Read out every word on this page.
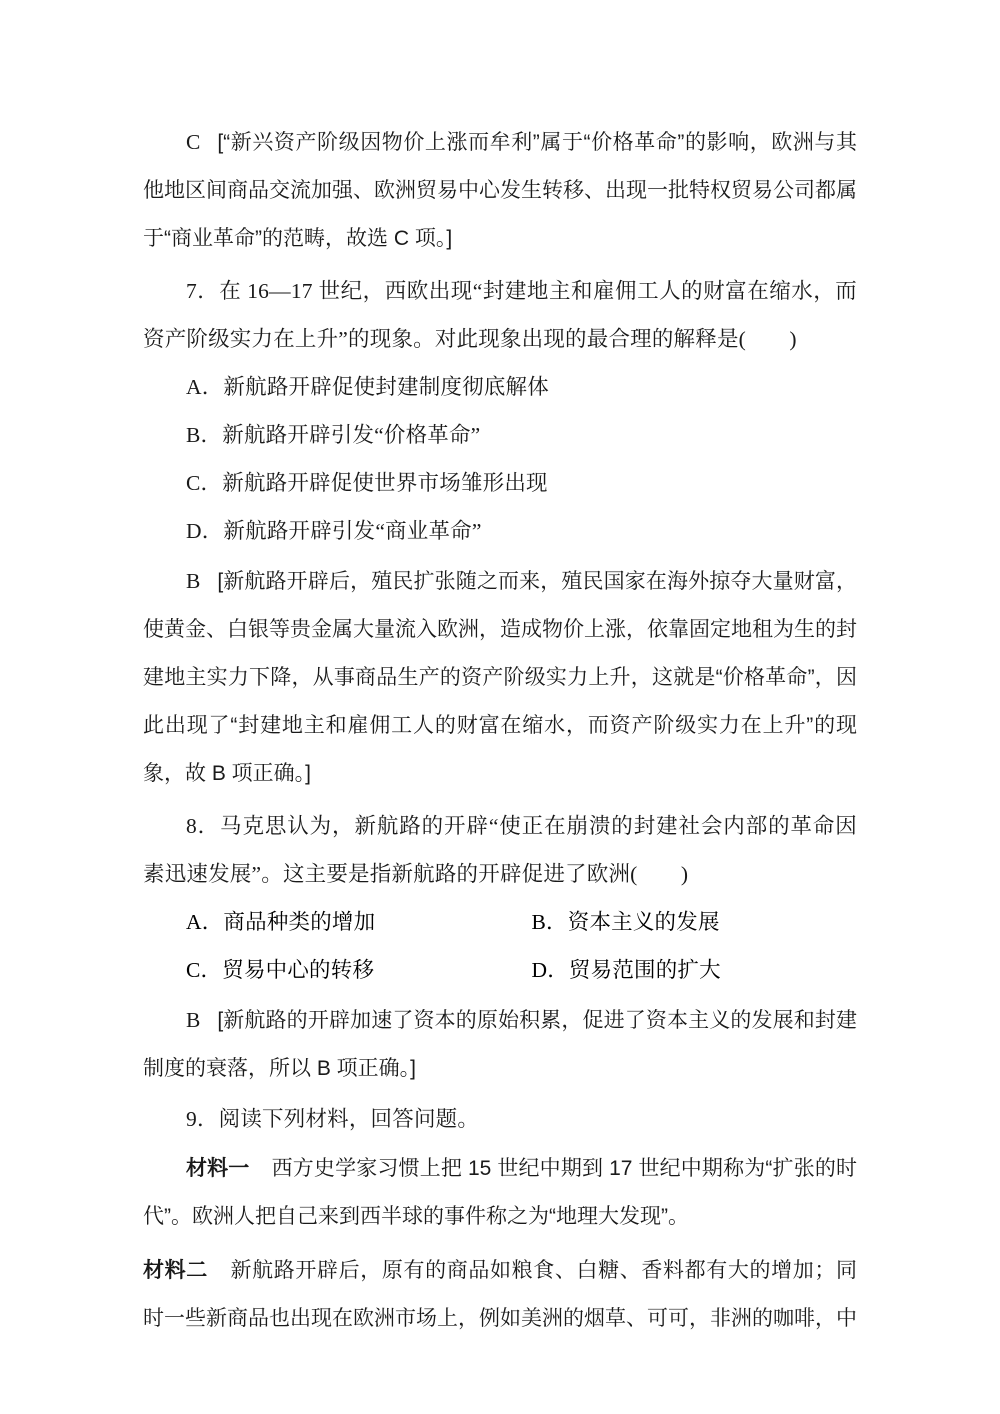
C [“新兴资产阶级因物价上涨而牟利”属于“价格革命”的影响，欧洲与其他地区间商品交流加强、欧洲贸易中心发生转移、出现一批特权贸易公司都属于“商业革命”的范畴，故选 C 项。]

7．在 16—17 世纪，西欧出现“封建地主和雇佣工人的财富在缩水，而资产阶级实力在上升”的现象。对此现象出现的最合理的解释是(　　)

A．新航路开辟促使封建制度彻底解体

B．新航路开辟引发“价格革命”

C．新航路开辟促使世界市场雏形出现

D．新航路开辟引发“商业革命”

B [新航路开辟后，殖民扩张随之而来，殖民国家在海外掠夺大量财富，使黄金、白银等贵金属大量流入欧洲，造成物价上涨，依靠固定地租为生的封建地主实力下降，从事商品生产的资产阶级实力上升，这就是“价格革命”，因此出现了“封建地主和雇佣工人的财富在缩水，而资产阶级实力在上升”的现象，故 B 项正确。]

8．马克思认为，新航路的开辟“使正在崩溃的封建社会内部的革命因素迅速发展”。这主要是指新航路的开辟促进了欧洲(　　)

A．商品种类的增加	B．资本主义的发展
C．贸易中心的转移	D．贸易范围的扩大

B [新航路的开辟加速了资本的原始积累，促进了资本主义的发展和封建制度的衰落，所以 B 项正确。]

9．阅读下列材料，回答问题。

材料一 西方史学家习惯上把 15 世纪中期到 17 世纪中期称为“扩张的时代”。欧洲人把自己来到西半球的事件称之为“地理大发现”。

材料二 新航路开辟后，原有的商品如粮食、白糖、香料都有大的增加；同时一些新商品也出现在欧洲市场上，例如美洲的烟草、可可，非洲的咖啡，中
